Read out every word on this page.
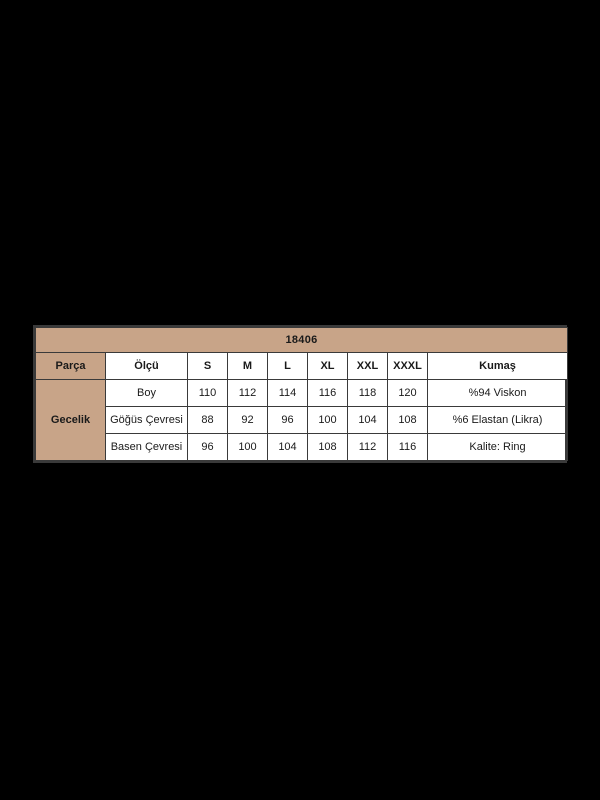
18406								
Parça	Ölçü	S	M	L	XL	XXL	XXXL	Kumaş
Gecelik	Boy	110	112	114	116	118	120	%94 Viskon
	Göğüs Çevresi	88	92	96	100	104	108	%6 Elastan (Likra)
	Basen Çevresi	96	100	104	108	112	116	Kalite: Ring
